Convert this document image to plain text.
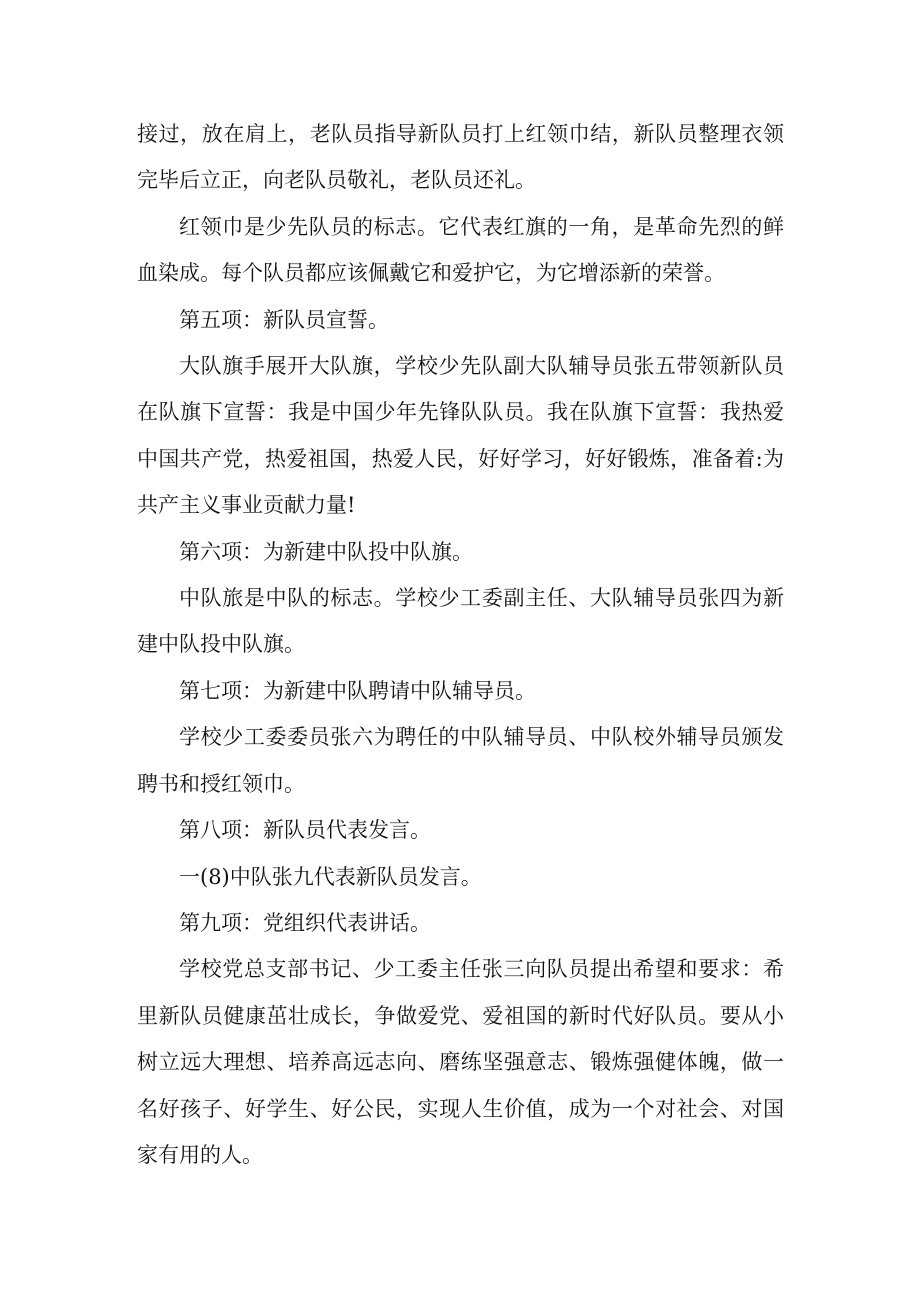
接过，放在肩上，老队员指导新队员打上红领巾结，新队员整理衣领完毕后立正，向老队员敬礼，老队员还礼。

红领巾是少先队员的标志。它代表红旗的一角，是革命先烈的鲜血染成。每个队员都应该佩戴它和爱护它，为它增添新的荣誉。

第五项：新队员宣誓。

大队旗手展开大队旗，学校少先队副大队辅导员张五带领新队员在队旗下宣誓：我是中国少年先锋队队员。我在队旗下宣誓：我热爱中国共产党，热爱祖国，热爱人民，好好学习，好好锻炼，准备着:为共产主义事业贡献力量!

第六项：为新建中队投中队旗。

中队旅是中队的标志。学校少工委副主任、大队辅导员张四为新建中队投中队旗。

第七项：为新建中队聘请中队辅导员。

学校少工委委员张六为聘任的中队辅导员、中队校外辅导员颁发聘书和授红领巾。

第八项：新队员代表发言。

一(8)中队张九代表新队员发言。

第九项：党组织代表讲话。

学校党总支部书记、少工委主任张三向队员提出希望和要求：希里新队员健康茁壮成长，争做爱党、爱祖国的新时代好队员。要从小树立远大理想、培养高远志向、磨练坚强意志、锻炼强健体魄，做一名好孩子、好学生、好公民，实现人生价值，成为一个对社会、对国家有用的人。
